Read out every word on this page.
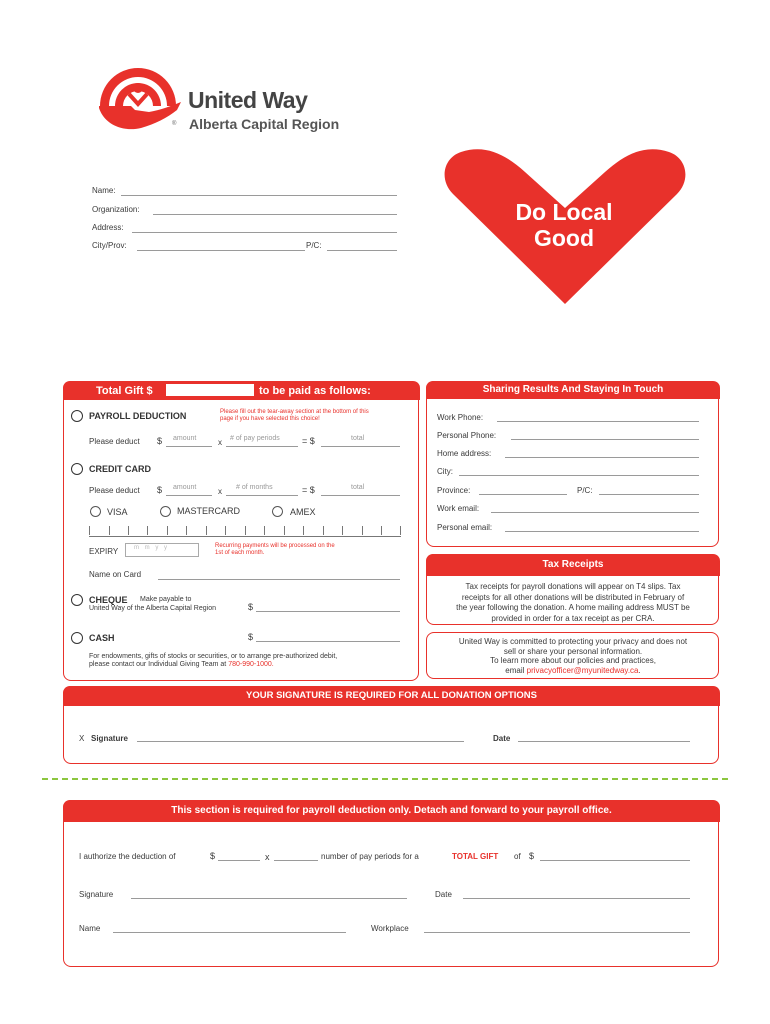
United Way
® Alberta Capital Region
Do Local
Good
Name:
Organization:
Address:
City/Prov:	P/C:
Total Gift $	to be paid as follows:
PAYROLL DEDUCTION	Please fill out the tear-away section at the bottom of this page if you have selected this choice!
Please deduct $ amount	x # of pay periods = $	total
CREDIT CARD
Please deduct $ amount	x # of months	= $	total
VISA	MASTERCARD	AMEX
EXPIRY	m m y y	Recurring payments will be processed on the 1st of each month.
Name on Card
CHEQUE Make payable to
United Way of the Alberta Capital Region	$
CASH	$
For endowments, gifts of stocks or securities, or to arrange pre-authorized debit,
please contact our Individual Giving Team at 780-990-1000.
Sharing Results And Staying In Touch
Work Phone:
Personal Phone:
Home address:
City:
Province:	P/C:
Work email:
Personal email:
Tax Receipts
Tax receipts for payroll donations will appear on T4 slips. Tax
receipts for all other donations will be distributed in February of
the year following the donation. A home mailing address MUST be
provided in order for a tax receipt as per CRA.
United Way is committed to protecting your privacy and does not
sell or share your personal information.
To learn more about our policies and practices,
email privacyofficer@myunitedway.ca.
YOUR SIGNATURE IS REQUIRED FOR ALL DONATION OPTIONS
X Signature	Date
This section is required for payroll deduction only. Detach and forward to your payroll office.
I authorize the deduction of	$	x	number of pay periods for a	TOTAL GIFT of $
Signature	Date
Name	Workplace
